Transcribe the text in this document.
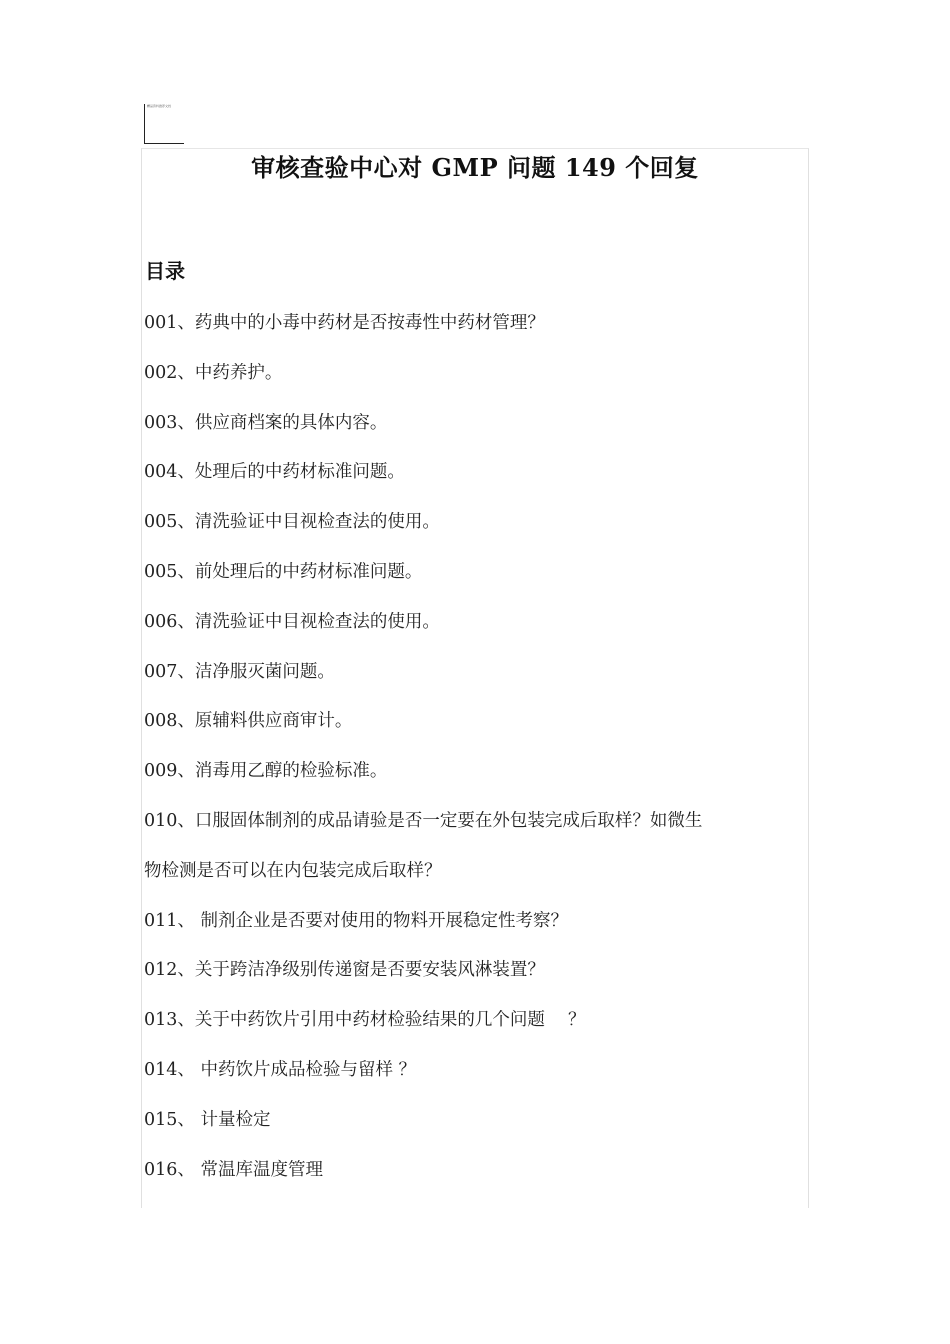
精品资料推荐文档
审核查验中心对 GMP 问题 149 个回复
目录
001、药典中的小毒中药材是否按毒性中药材管理？
002、中药养护。
003、供应商档案的具体内容。
004、处理后的中药材标准问题。
005、清洗验证中目视检查法的使用。
005、前处理后的中药材标准问题。
006、清洗验证中目视检查法的使用。
007、洁净服灭菌问题。
008、原辅料供应商审计。
009、消毒用乙醇的检验标准。
010、口服固体制剂的成品请验是否一定要在外包装完成后取样？如微生
物检测是否可以在内包装完成后取样？
011、 制剂企业是否要对使用的物料开展稳定性考察？
012、关于跨洁净级别传递窗是否要安装风淋装置？
013、关于中药饮片引用中药材检验结果的几个问题 　？
014、 中药饮片成品检验与留样 ？
015、 计量检定
016、 常温库温度管理
